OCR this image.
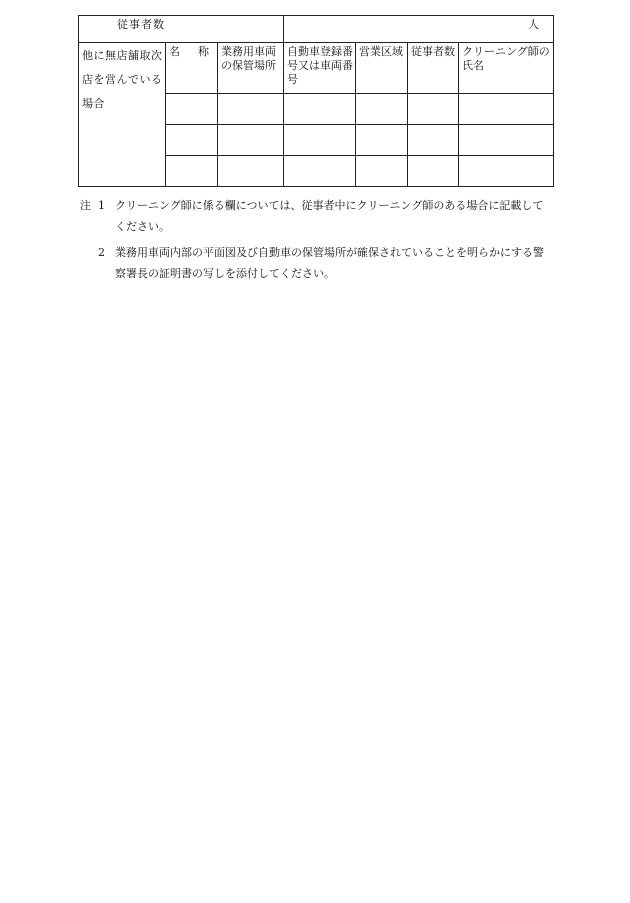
従事者数			人			
他に無店舗取次店を営んでいる場合	名 称	業務用車両の保管場所	自動車登録番号又は車両番号	営業区域	従事者数	クリーニング師の氏名

注 1 クリーニング師に係る欄については、従事者中にクリーニング師のある場合に記載してください。
2 業務用車両内部の平面図及び自動車の保管場所が確保されていることを明らかにする警察署長の証明書の写しを添付してください。
